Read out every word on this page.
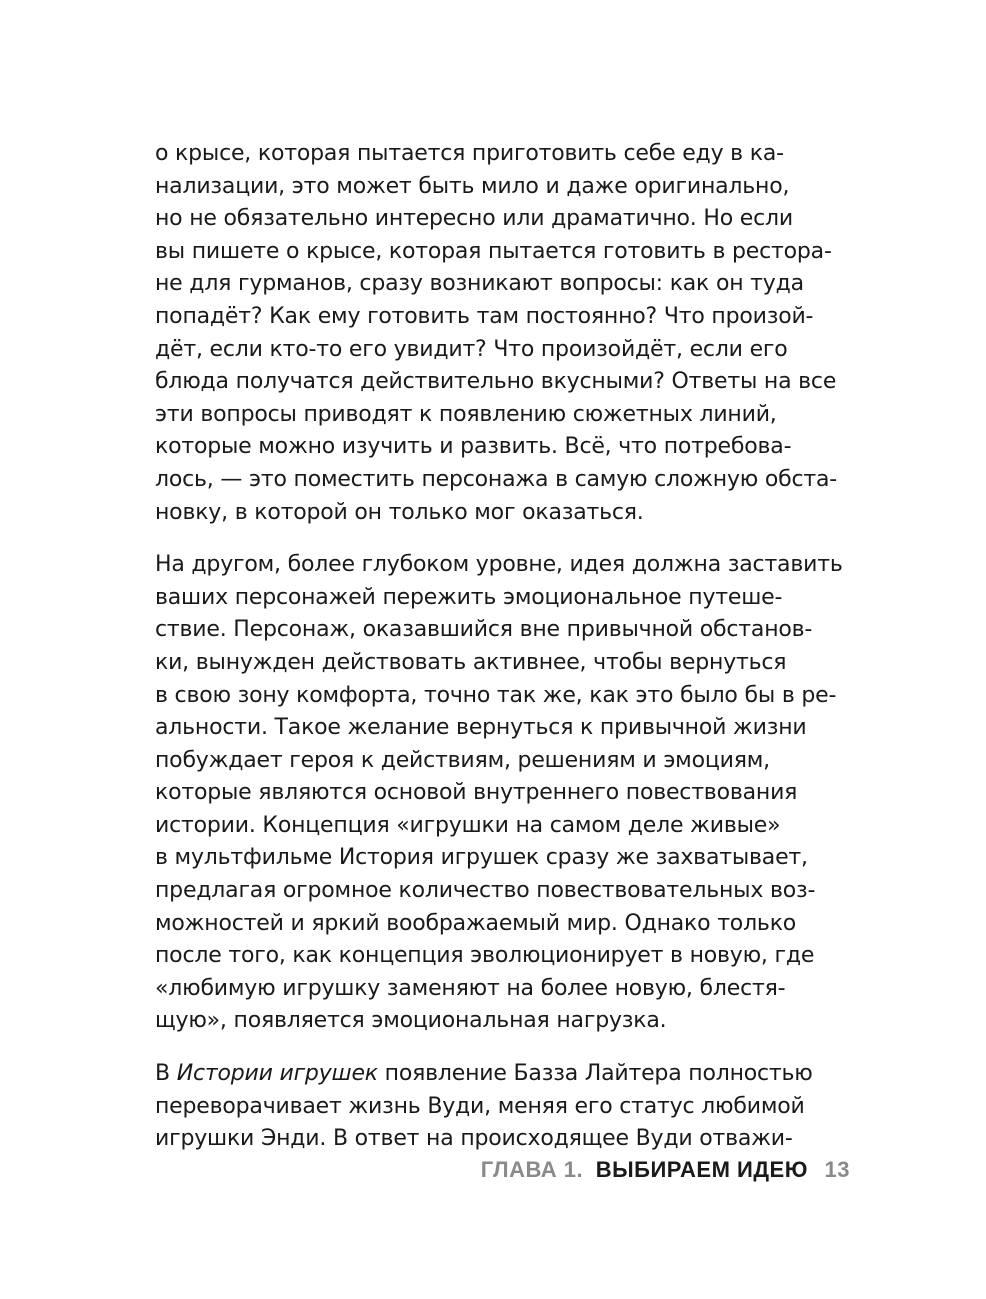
о крысе, которая пытается приготовить себе еду в ка-
нализации, это может быть мило и даже оригинально,
но не обязательно интересно или драматично. Но если
вы пишете о крысе, которая пытается готовить в рестора-
не для гурманов, сразу возникают вопросы: как он туда
попадёт? Как ему готовить там постоянно? Что произой-
дёт, если кто-то его увидит? Что произойдёт, если его
блюда получатся действительно вкусными? Ответы на все
эти вопросы приводят к появлению сюжетных линий,
которые можно изучить и развить. Всё, что потребова-
лось, — это поместить персонажа в самую сложную обста-
новку, в которой он только мог оказаться.
На другом, более глубоком уровне, идея должна заставить
ваших персонажей пережить эмоциональное путеше-
ствие. Персонаж, оказавшийся вне привычной обстанов-
ки, вынужден действовать активнее, чтобы вернуться
в свою зону комфорта, точно так же, как это было бы в ре-
альности. Такое желание вернуться к привычной жизни
побуждает героя к действиям, решениям и эмоциям,
которые являются основой внутреннего повествования
истории. Концепция «игрушки на самом деле живые»
в мультфильме История игрушек сразу же захватывает,
предлагая огромное количество повествовательных воз-
можностей и яркий воображаемый мир. Однако только
после того, как концепция эволюционирует в новую, где
«любимую игрушку заменяют на более новую, блестя-
щую», появляется эмоциональная нагрузка.
В Истории игрушек появление Базза Лайтера полностью
переворачивает жизнь Вуди, меняя его статус любимой
игрушки Энди. В ответ на происходящее Вуди отважи-
ГЛАВА 1. ВЫБИРАЕМ ИДЕЮ 13
